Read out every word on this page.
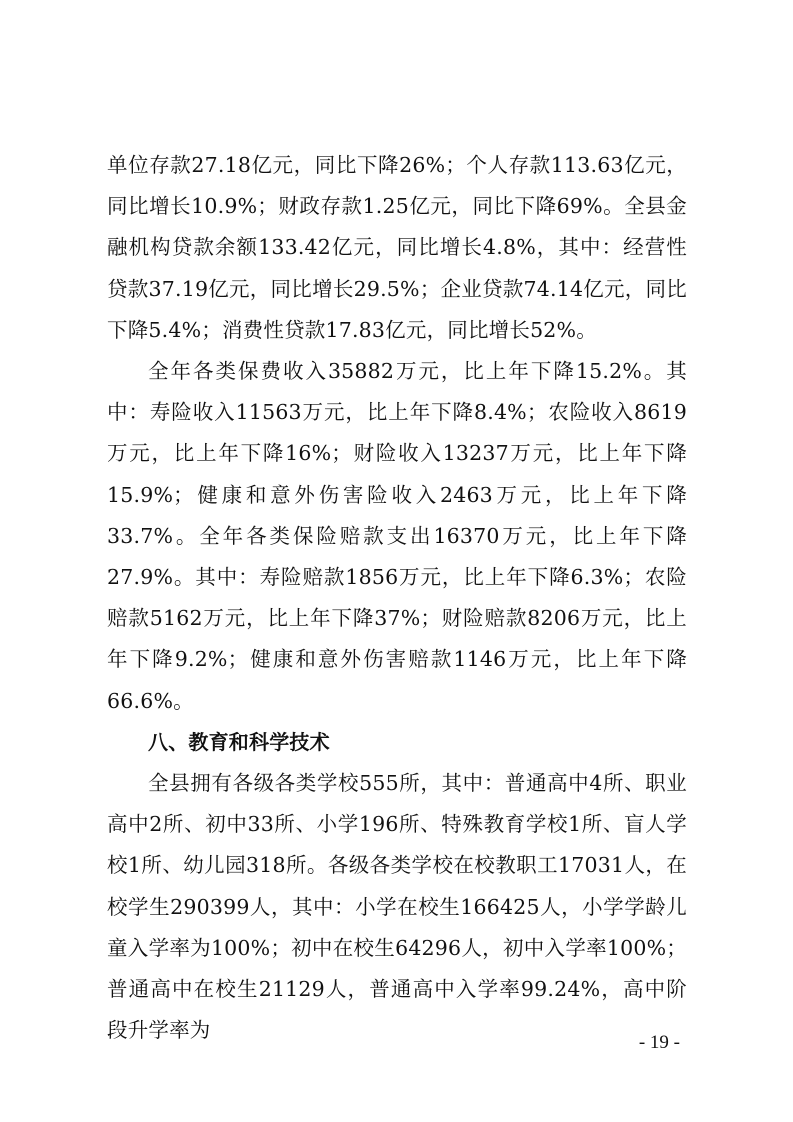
单位存款27.18亿元，同比下降26%；个人存款113.63亿元，同比增长10.9%；财政存款1.25亿元，同比下降69%。全县金融机构贷款余额133.42亿元，同比增长4.8%，其中：经营性贷款37.19亿元，同比增长29.5%；企业贷款74.14亿元，同比下降5.4%；消费性贷款17.83亿元，同比增长52%。

全年各类保费收入35882万元，比上年下降15.2%。其中：寿险收入11563万元，比上年下降8.4%；农险收入8619万元，比上年下降16%；财险收入13237万元，比上年下降15.9%；健康和意外伤害险收入2463万元，比上年下降33.7%。全年各类保险赔款支出16370万元，比上年下降27.9%。其中：寿险赔款1856万元，比上年下降6.3%；农险赔款5162万元，比上年下降37%；财险赔款8206万元，比上年下降9.2%；健康和意外伤害赔款1146万元，比上年下降66.6%。

八、教育和科学技术

全县拥有各级各类学校555所，其中：普通高中4所、职业高中2所、初中33所、小学196所、特殊教育学校1所、盲人学校1所、幼儿园318所。各级各类学校在校教职工17031人，在校学生290399人，其中：小学在校生166425人，小学学龄儿童入学率为100%；初中在校生64296人，初中入学率100%；普通高中在校生21129人，普通高中入学率99.24%，高中阶段升学率为

- 19 -
